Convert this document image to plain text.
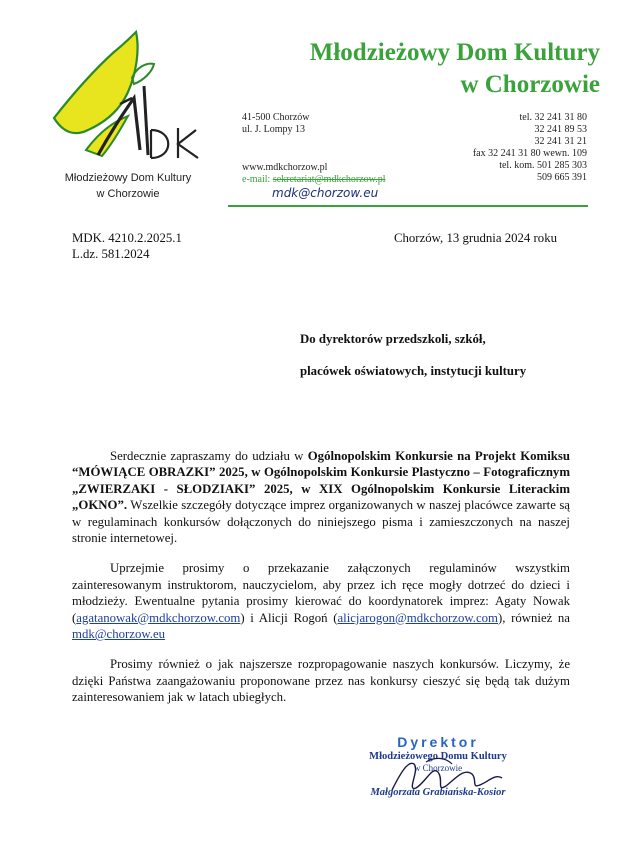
Młodzieżowy Dom Kultury
w Chorzowie
Młodzieżowy Dom Kultury
w Chorzowie
41-500 Chorzów
ul. J. Lompy 13
www.mdkchorzow.pl
e-mail: sekretariat@mdkchorzow.pl
mdk@chorzow.eu
tel. 32 241 31 80
32 241 89 53
32 241 31 21
fax 32 241 31 80 wewn. 109
tel. kom. 501 285 303
509 665 391
MDK. 4210.2.2025.1
L.dz. 581.2024
Chorzów, 13 grudnia 2024 roku
Do dyrektorów przedszkoli, szkół,
placówek oświatowych, instytucji kultury

Serdecznie zapraszamy do udziału w Ogólnopolskim Konkursie na Projekt Komiksu “MÓWIĄCE OBRAZKI” 2025, w Ogólnopolskim Konkursie Plastyczno – Fotograficznym „ZWIERZAKI - SŁODZIAKI” 2025, w XIX Ogólnopolskim Konkursie Literackim „OKNO”. Wszelkie szczegóły dotyczące imprez organizowanych w naszej placówce zawarte są w regulaminach konkursów dołączonych do niniejszego pisma i zamieszczonych na naszej stronie internetowej.

Uprzejmie prosimy o przekazanie załączonych regulaminów wszystkim zainteresowanym instruktorom, nauczycielom, aby przez ich ręce mogły dotrzeć do dzieci i młodzieży. Ewentualne pytania prosimy kierować do koordynatorek imprez: Agaty Nowak (agatanowak@mdkchorzow.com) i Alicji Rogoń (alicjarogon@mdkchorzow.com), również na mdk@chorzow.eu

Prosimy również o jak najszersze rozpropagowanie naszych konkursów. Liczymy, że dzięki Państwa zaangażowaniu proponowane przez nas konkursy cieszyć się będą tak dużym zainteresowaniem jak w latach ubiegłych.

Dyrektor
Młodzieżowego Domu Kultury
w Chorzowie
Małgorzata Grabiańska-Kosior
